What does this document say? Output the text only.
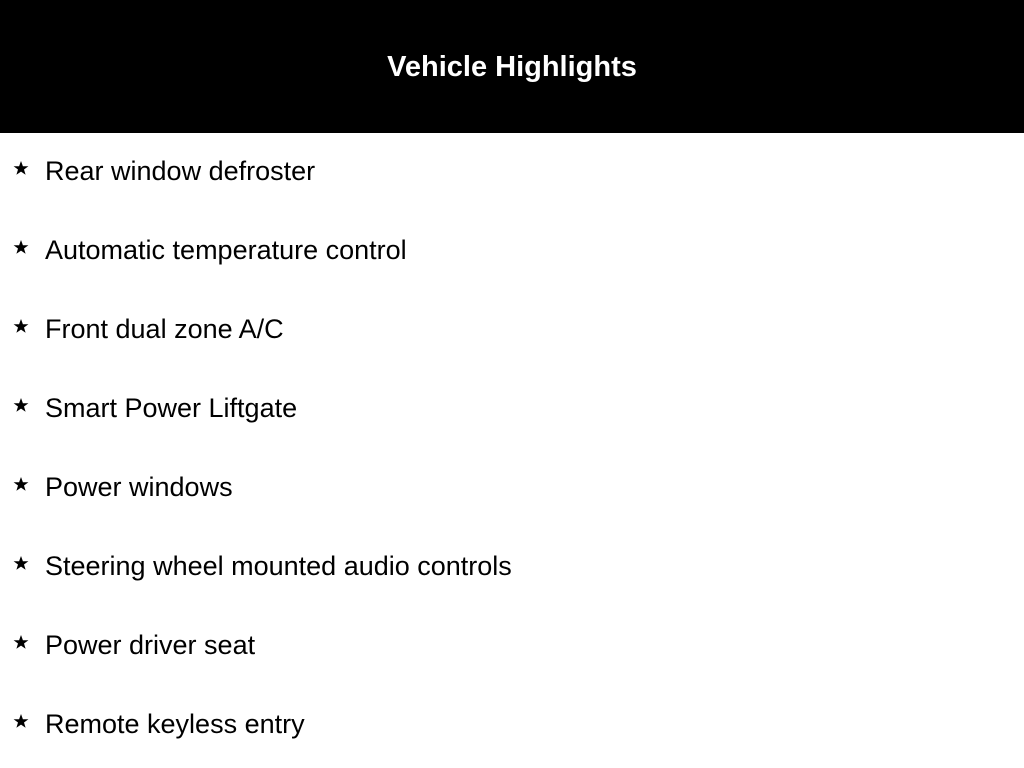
Vehicle Highlights
Rear window defroster
Automatic temperature control
Front dual zone A/C
Smart Power Liftgate
Power windows
Steering wheel mounted audio controls
Power driver seat
Remote keyless entry
